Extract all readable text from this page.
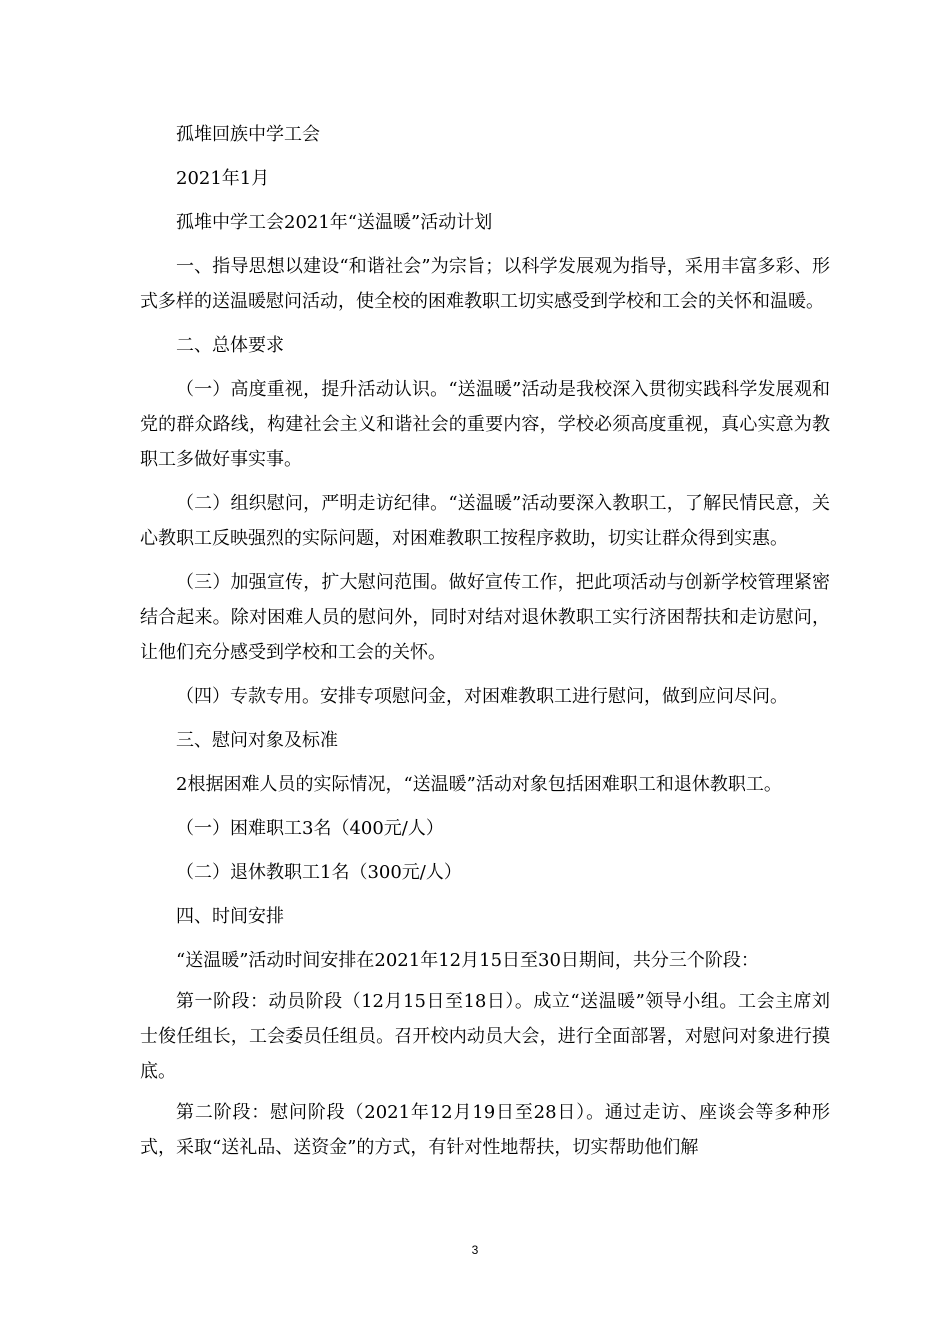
孤堆回族中学工会

2021年1月

孤堆中学工会2021年“送温暖”活动计划

一、指导思想以建设“和谐社会”为宗旨；以科学发展观为指导，采用丰富多彩、形式多样的送温暖慰问活动，使全校的困难教职工切实感受到学校和工会的关怀和温暖。

二、总体要求

（一）高度重视，提升活动认识。“送温暖”活动是我校深入贯彻实践科学发展观和党的群众路线，构建社会主义和谐社会的重要内容，学校必须高度重视，真心实意为教职工多做好事实事。

（二）组织慰问，严明走访纪律。“送温暖”活动要深入教职工，了解民情民意，关心教职工反映强烈的实际问题，对困难教职工按程序救助，切实让群众得到实惠。

（三）加强宣传，扩大慰问范围。做好宣传工作，把此项活动与创新学校管理紧密结合起来。除对困难人员的慰问外，同时对结对退休教职工实行济困帮扶和走访慰问，让他们充分感受到学校和工会的关怀。

（四）专款专用。安排专项慰问金，对困难教职工进行慰问，做到应问尽问。

三、慰问对象及标准

2根据困难人员的实际情况，“送温暖”活动对象包括困难职工和退休教职工。

（一）困难职工3名（400元/人）

（二）退休教职工1名（300元/人）

四、时间安排

“送温暖”活动时间安排在2021年12月15日至30日期间，共分三个阶段：

第一阶段：动员阶段（12月15日至18日）。成立“送温暖”领导小组。工会主席刘士俊任组长，工会委员任组员。召开校内动员大会，进行全面部署，对慰问对象进行摸底。

第二阶段：慰问阶段（2021年12月19日至28日）。通过走访、座谈会等多种形式，采取“送礼品、送资金”的方式，有针对性地帮扶，切实帮助他们解

3
